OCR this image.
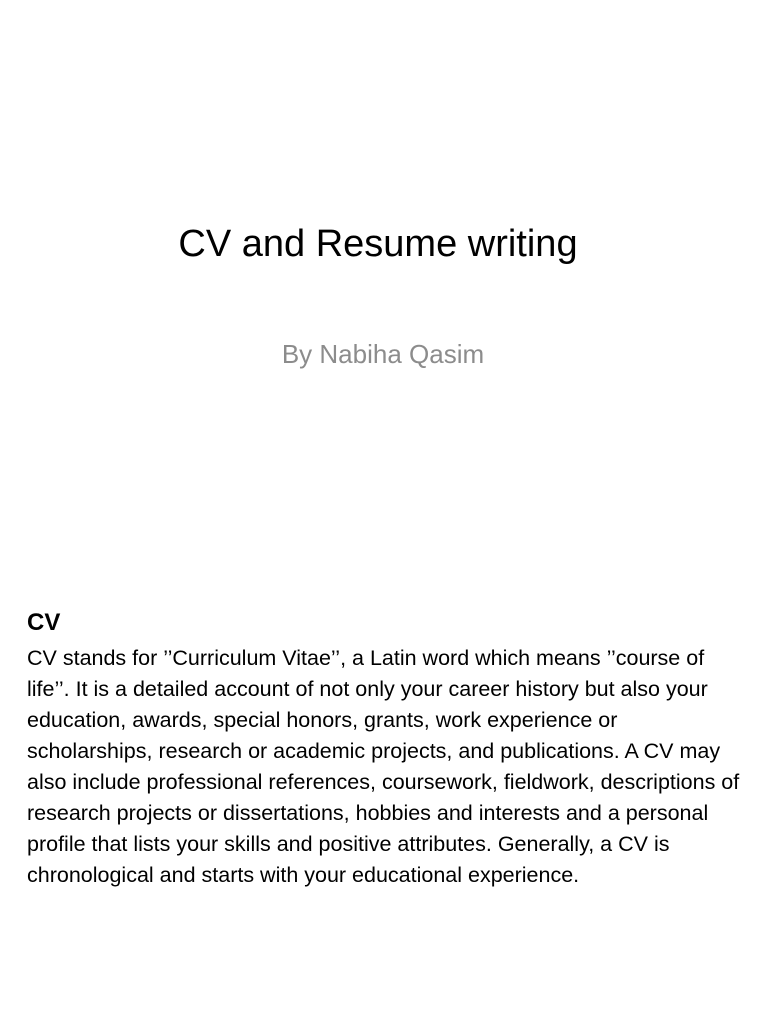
CV and Resume writing
By Nabiha Qasim
CV
CV stands for ’’Curriculum Vitae’’, a Latin word which means ’’course of life’’. It is a detailed account of not only your career history but also your education, awards, special honors, grants, work experience or scholarships, research or academic projects, and publications. A CV may also include professional references, coursework, fieldwork, descriptions of research projects or dissertations, hobbies and interests and a personal profile that lists your skills and positive attributes. Generally, a CV is chronological and starts with your educational experience.
